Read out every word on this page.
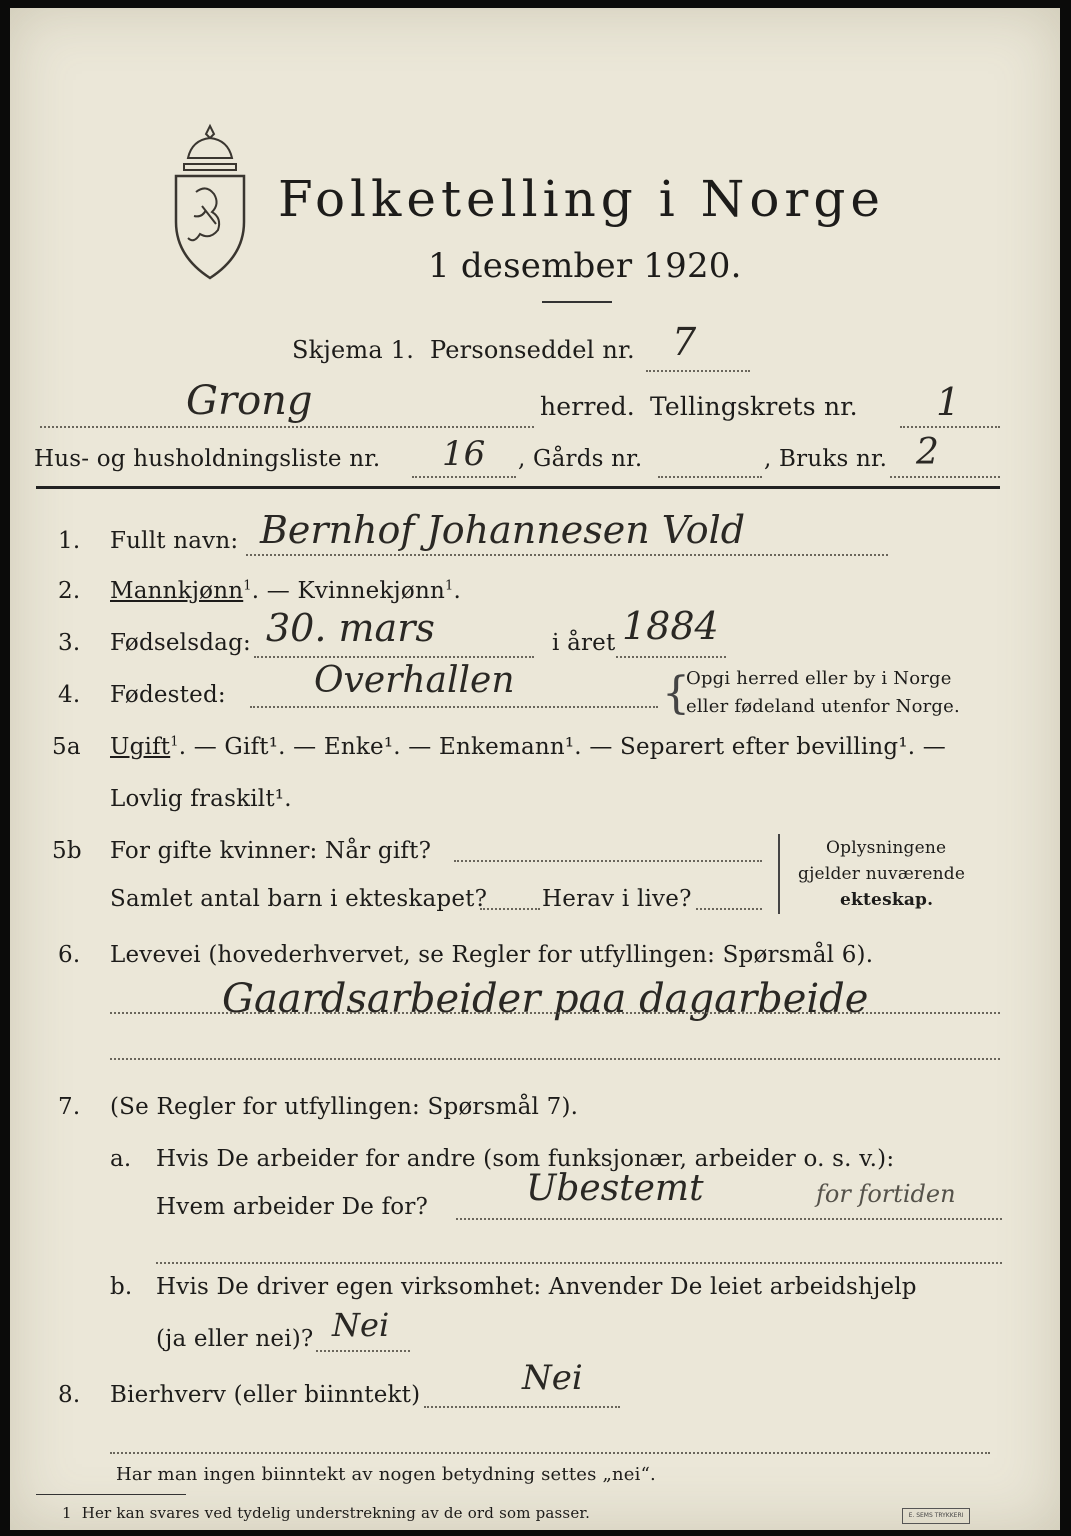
Folketelling i Norge
1 desember 1920.
Skjema 1. Personseddel nr. 7
Grong	herred. Tellingskrets nr. 1
Hus- og husholdningsliste nr. 16 , Gårds nr.	, Bruks nr. 2
1. Fullt navn: Bernhof Johannesen Vold
2. Mannkjønn$^1$. — Kvinnekjønn$^1$.
3. Fødselsdag: 30. mars	i året 1884
4. Fødested: Overhallen	{
Opgi herred eller by i Norge
eller fødeland utenfor Norge.
5a Ugift$^1$. — Gift¹. — Enke¹. — Enkemann¹. — Separert efter bevilling¹. —
Lovlig fraskilt¹.
5b For gifte kvinner: Når gift?
Samlet antal barn i ekteskapet? Herav i live?
Oplysningene
gjelder nuværende
ekteskap.
6. Levevei (hovederhvervet, se Regler for utfyllingen: Spørsmål 6).
Gaardsarbeider paa dagarbeide
7. (Se Regler for utfyllingen: Spørsmål 7).
a. Hvis De arbeider for andre (som funksjonær, arbeider o. s. v.):
Hvem arbeider De for?	Ubestemt	for fortiden
b. Hvis De driver egen virksomhet: Anvender De leiet arbeidshjelp
(ja eller nei)? Nei
8. Bierhverv (eller biinntekt)	Nei
Har man ingen biinntekt av nogen betydning settes „nei“.
1 Her kan svares ved tydelig understrekning av de ord som passer.	E. SEMS TRYKKERI
